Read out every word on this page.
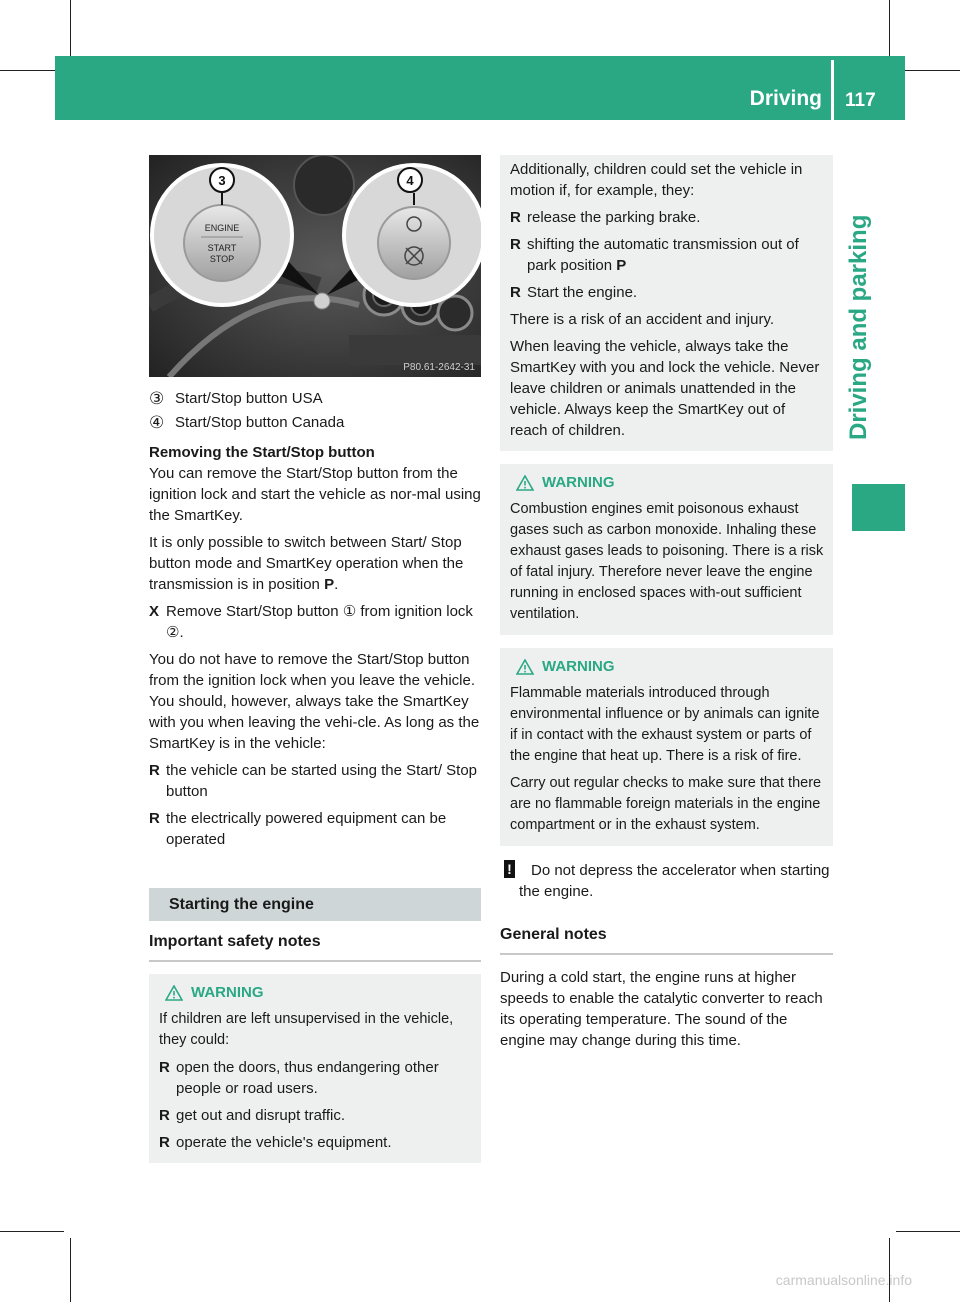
Driving 117
Driving and parking
ENGINE
START
STOP
3	4
P80.61-2642-31
③ Start/Stop button USA
④ Start/Stop button Canada

Removing the Start/Stop button

You can remove the Start/Stop button from the ignition lock and start the vehicle as nor-mal using the SmartKey.

It is only possible to switch between Start/ Stop button mode and SmartKey operation when the transmission is in position P.

X Remove Start/Stop button ① from ignition lock ②.

You do not have to remove the Start/Stop button from the ignition lock when you leave the vehicle. You should, however, always take the SmartKey with you when leaving the vehi-cle. As long as the SmartKey is in the vehicle:

R the vehicle can be started using the Start/ Stop button
R the electrically powered equipment can be operated
Starting the engine
Important safety notes
WARNING

If children are left unsupervised in the vehicle, they could:

R open the doors, thus endangering other people or road users.
R get out and disrupt traffic.
R operate the vehicle's equipment.

Additionally, children could set the vehicle in motion if, for example, they:

R release the parking brake.
R shifting the automatic transmission out of park position P
R Start the engine.

There is a risk of an accident and injury.

When leaving the vehicle, always take the SmartKey with you and lock the vehicle. Never leave children or animals unattended in the vehicle. Always keep the SmartKey out of reach of children.

WARNING

Combustion engines emit poisonous exhaust gases such as carbon monoxide. Inhaling these exhaust gases leads to poisoning. There is a risk of fatal injury. Therefore never leave the engine running in enclosed spaces with-out sufficient ventilation.

WARNING

Flammable materials introduced through environmental influence or by animals can ignite if in contact with the exhaust system or parts of the engine that heat up. There is a risk of fire.

Carry out regular checks to make sure that there are no flammable foreign materials in the engine compartment or in the exhaust system.

! Do not depress the accelerator when starting the engine.
General notes

During a cold start, the engine runs at higher speeds to enable the catalytic converter to reach its operating temperature. The sound of the engine may change during this time.

carmanualsonline.info
